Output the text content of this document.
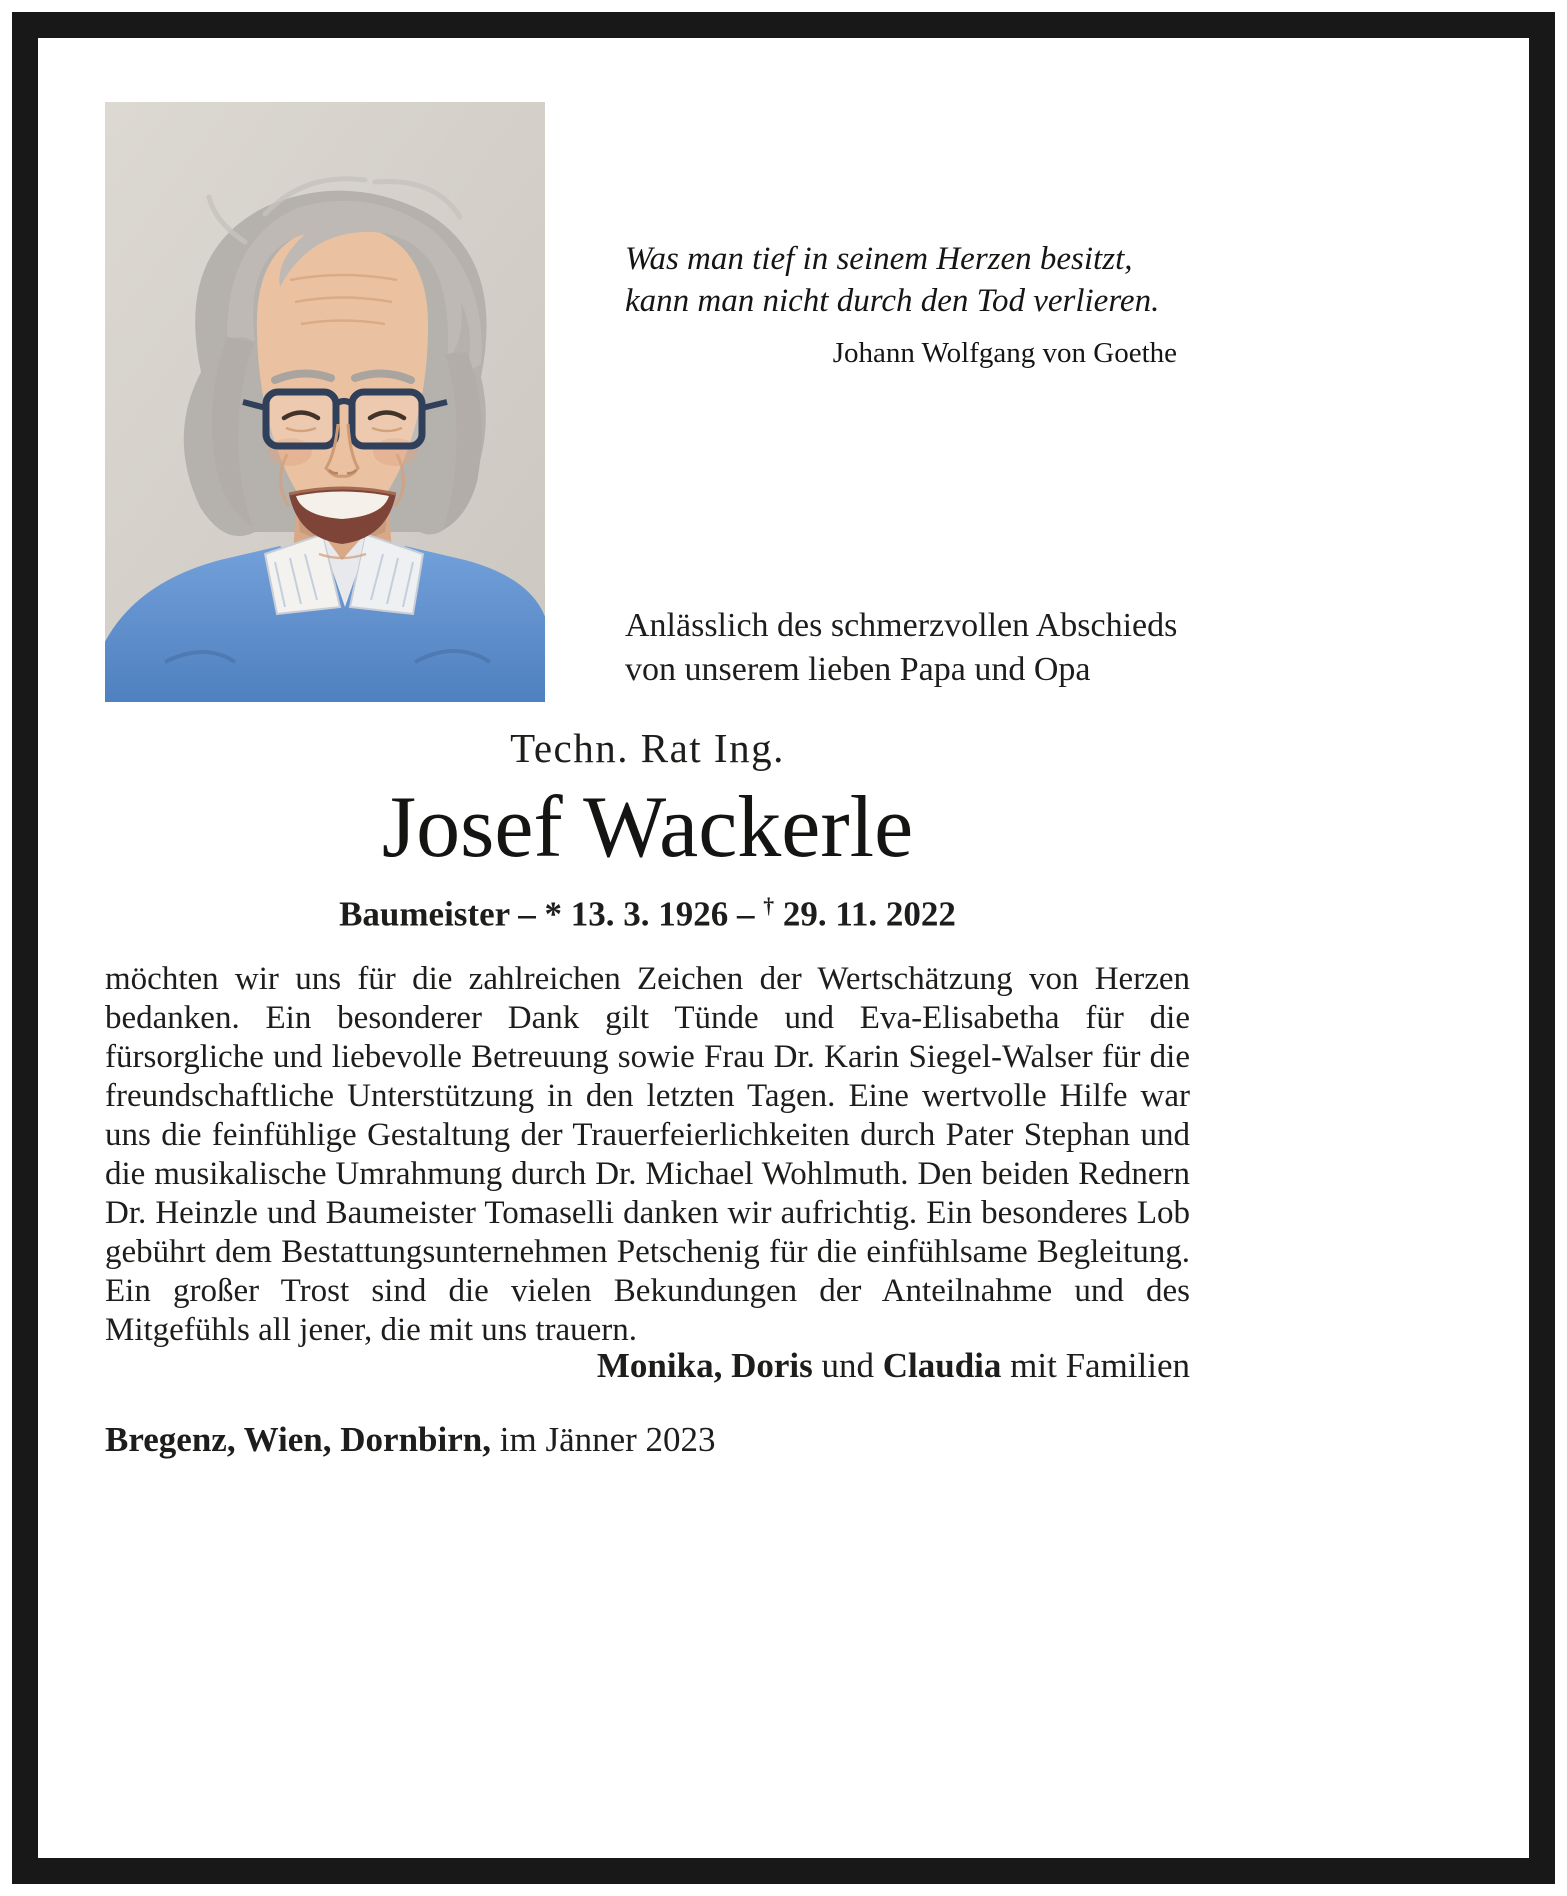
Was man tief in seinem Herzen besitzt,
kann man nicht durch den Tod verlieren.
Johann Wolfgang von Goethe
Anlässlich des schmerzvollen Abschieds
von unserem lieben Papa und Opa
Techn. Rat Ing.
Josef Wackerle
Baumeister – * 13. 3. 1926 – † 29. 11. 2022

möchten wir uns für die zahlreichen Zeichen der Wertschätzung von Herzen bedanken. Ein besonderer Dank gilt Tünde und Eva-Elisabetha für die fürsorgliche und liebevolle Betreuung sowie Frau Dr. Karin Siegel-Walser für die freundschaftliche Unterstützung in den letzten Tagen. Eine wertvolle Hilfe war uns die feinfühlige Gestaltung der Trauerfeierlichkeiten durch Pater Stephan und die musikalische Umrahmung durch Dr. Michael Wohlmuth. Den beiden Rednern Dr. Heinzle und Baumeister Tomaselli danken wir aufrichtig. Ein besonderes Lob gebührt dem Bestattungsunternehmen Petschenig für die einfühlsame Begleitung. Ein großer Trost sind die vielen Bekundungen der Anteilnahme und des Mitgefühls all jener, die mit uns trauern.

Monika, Doris und Claudia mit Familien
Bregenz, Wien, Dornbirn, im Jänner 2023
